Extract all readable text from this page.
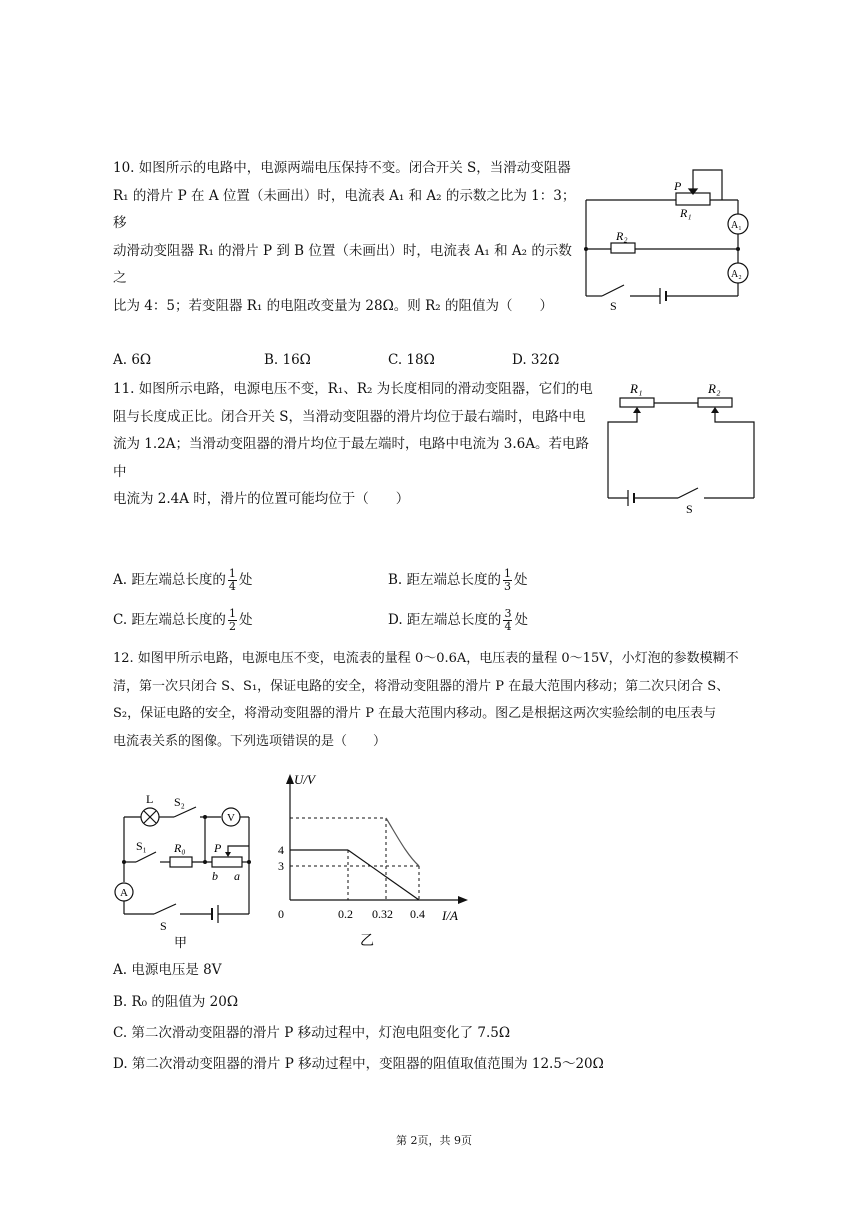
10. 如图所示的电路中，电源两端电压保持不变。闭合开关 S，当滑动变阻器

R₁ 的滑片 P 在 A 位置（未画出）时，电流表 A₁ 和 A₂ 的示数之比为 1：3；移

动滑动变阻器 R₁ 的滑片 P 到 B 位置（未画出）时，电流表 A₁ 和 A₂ 的示数之

比为 4：5；若变阻器 R₁ 的电阻改变量为 28Ω。则 R₂ 的阻值为（　　）

P
R₁
R₂
A₁
A₂
S
A. 6Ω	B. 16Ω	C. 18Ω	D. 32Ω

11. 如图所示电路，电源电压不变，R₁、R₂ 为长度相同的滑动变阻器，它们的电

阻与长度成正比。闭合开关 S，当滑动变阻器的滑片均位于最右端时，电路中电

流为 1.2A；当滑动变阻器的滑片均位于最左端时，电路中电流为 3.6A。若电路中

电流为 2.4A 时，滑片的位置可能均位于（　　）

R₁	R₂
S
A. 距左端总长度的 $\frac{1}{4}$ 处	B. 距左端总长度的 $\frac{1}{3}$ 处
C. 距左端总长度的 $\frac{1}{2}$ 处	D. 距左端总长度的 $\frac{3}{4}$ 处

12. 如图甲所示电路，电源电压不变，电流表的量程 0～0.6A，电压表的量程 0～15V，小灯泡的参数模糊不

清，第一次只闭合 S、S₁，保证电路的安全，将滑动变阻器的滑片 P 在最大范围内移动；第二次只闭合 S、

S₂，保证电路的安全，将滑动变阻器的滑片 P 在最大范围内移动。图乙是根据这两次实验绘制的电压表与

电流表关系的图像。下列选项错误的是（　　）

L S₂
V
S₁ R₀ P
b a
A
S
甲
U/V
I/A
0
4
3
0.2 0.32 0.4
乙
A. 电源电压是 8V
B. R₀ 的阻值为 20Ω
C. 第二次滑动变阻器的滑片 P 移动过程中，灯泡电阻变化了 7.5Ω
D. 第二次滑动变阻器的滑片 P 移动过程中，变阻器的阻值取值范围为 12.5～20Ω
第 2页，共 9页
